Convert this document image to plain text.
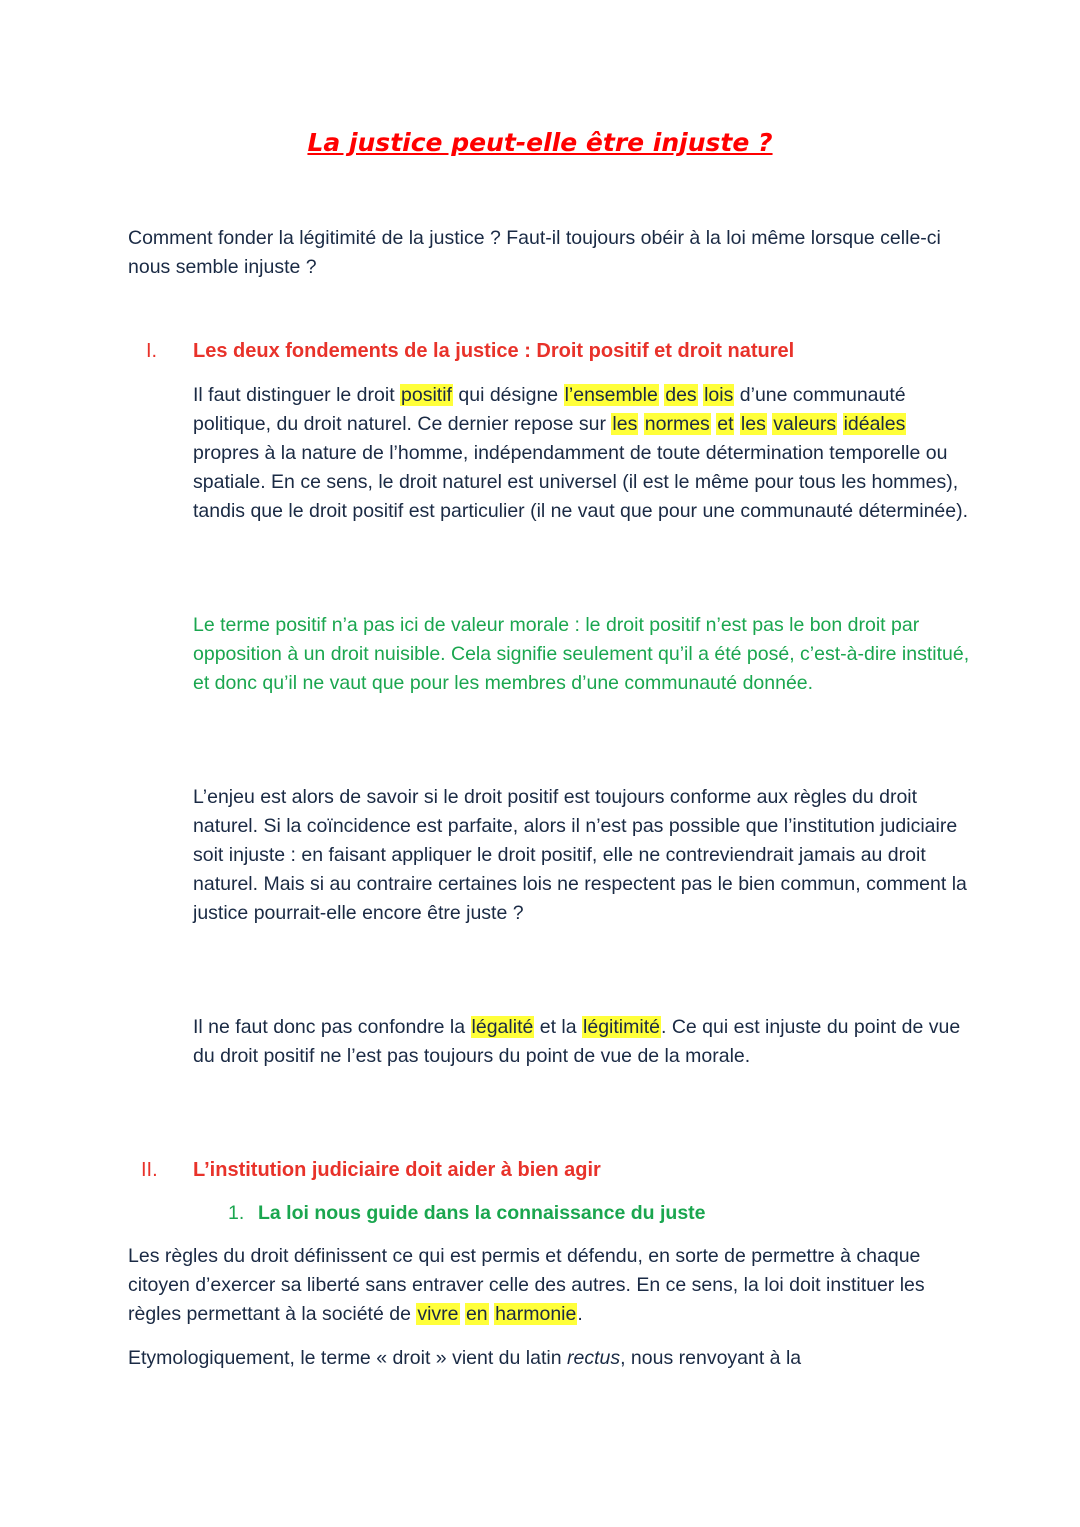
La justice peut-elle être injuste ?

Comment fonder la légitimité de la justice ? Faut-il toujours obéir à la loi même lorsque celle-ci nous semble injuste ?

I. Les deux fondements de la justice : Droit positif et droit naturel

Il faut distinguer le droit positif qui désigne l’ensemble des lois d’une communauté politique, du droit naturel. Ce dernier repose sur les normes et les valeurs idéales propres à la nature de l’homme, indépendamment de toute détermination temporelle ou spatiale. En ce sens, le droit naturel est universel (il est le même pour tous les hommes), tandis que le droit positif est particulier (il ne vaut que pour une communauté déterminée).

Le terme positif n’a pas ici de valeur morale : le droit positif n’est pas le bon droit par opposition à un droit nuisible. Cela signifie seulement qu’il a été posé, c’est-à-dire institué, et donc qu’il ne vaut que pour les membres d’une communauté donnée.

L’enjeu est alors de savoir si le droit positif est toujours conforme aux règles du droit naturel. Si la coïncidence est parfaite, alors il n’est pas possible que l’institution judiciaire soit injuste : en faisant appliquer le droit positif, elle ne contreviendrait jamais au droit naturel. Mais si au contraire certaines lois ne respectent pas le bien commun, comment la justice pourrait-elle encore être juste ?

Il ne faut donc pas confondre la légalité et la légitimité. Ce qui est injuste du point de vue du droit positif ne l’est pas toujours du point de vue de la morale.

II. L’institution judiciaire doit aider à bien agir
1. La loi nous guide dans la connaissance du juste

Les règles du droit définissent ce qui est permis et défendu, en sorte de permettre à chaque citoyen d’exercer sa liberté sans entraver celle des autres. En ce sens, la loi doit instituer les règles permettant à la société de vivre en harmonie.

Etymologiquement, le terme « droit » vient du latin rectus, nous renvoyant à la
